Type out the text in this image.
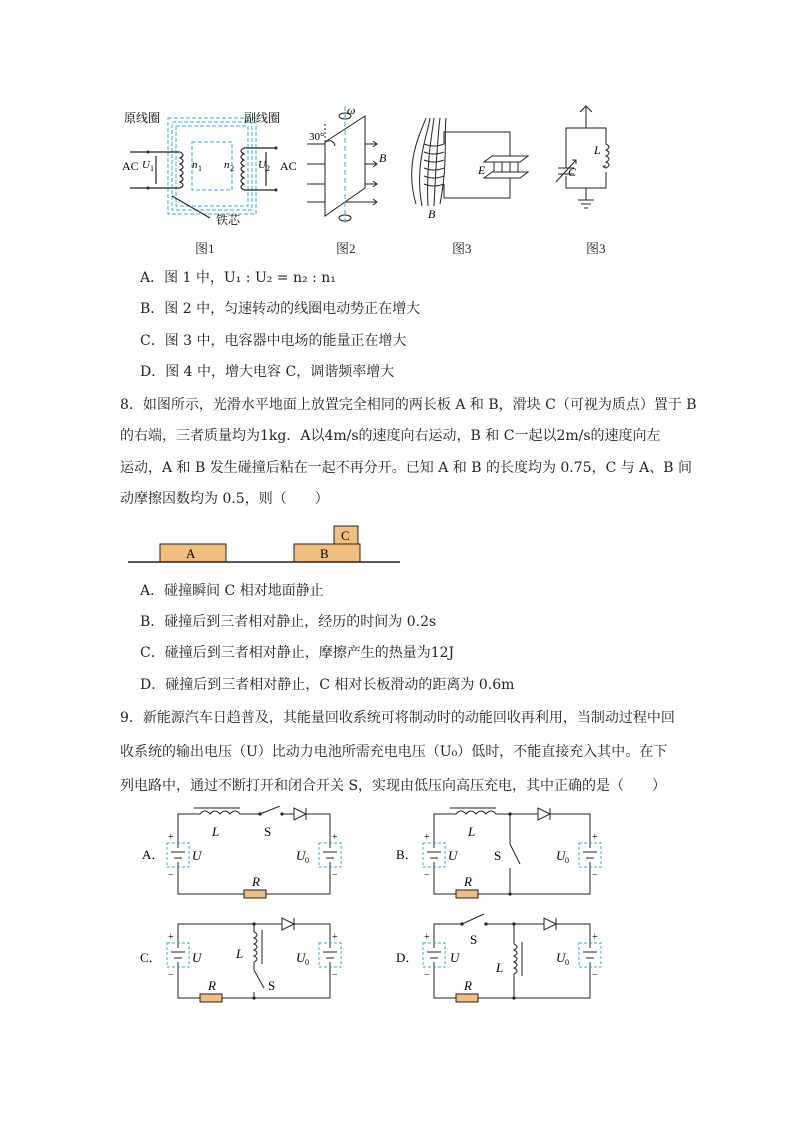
原线圈	副线圈
AC U 1	n 1 n 2 U 2 AC
铁芯
图1
ω
30°
B
图2
B
E
图3
C
L
图3
A．图 1 中，U₁ : U₂ = n₂ : n₁
B．图 2 中，匀速转动的线圈电动势正在增大
C．图 3 中，电容器中电场的能量正在增大
D．图 4 中，增大电容 C，调谐频率增大
8．如图所示，光滑水平地面上放置完全相同的两长板 A 和 B，滑块 C（可视为质点）置于 B
的右端，三者质量均为1kg．A以4m/s的速度向右运动，B 和 C一起以2m/s的速度向左
运动，A 和 B 发生碰撞后粘在一起不再分开。已知 A 和 B 的长度均为 0.75，C 与 A、B 间
动摩擦因数均为 0.5，则（　　）
A	B
C
A．碰撞瞬间 C 相对地面静止
B．碰撞后到三者相对静止，经历的时间为 0.2s
C．碰撞后到三者相对静止，摩擦产生的热量为12J
D．碰撞后到三者相对静止，C 相对长板滑动的距离为 0.6m
9．新能源汽车日趋普及，其能量回收系统可将制动时的动能回收再利用，当制动过程中回
收系统的输出电压（U）比动力电池所需充电电压（U₀）低时，不能直接充入其中。在下
列电路中，通过不断打开和闭合开关 S，实现由低压向高压充电，其中正确的是（　　）
A．
+
−
+
−
U	U 0
L	S
R
B．
+
−
+
−
U	U 0
L
S
R
C．
+
−
+
−
U	U 0
L
S
R
D．
+
−
+
−
U	U 0
L
S
R
